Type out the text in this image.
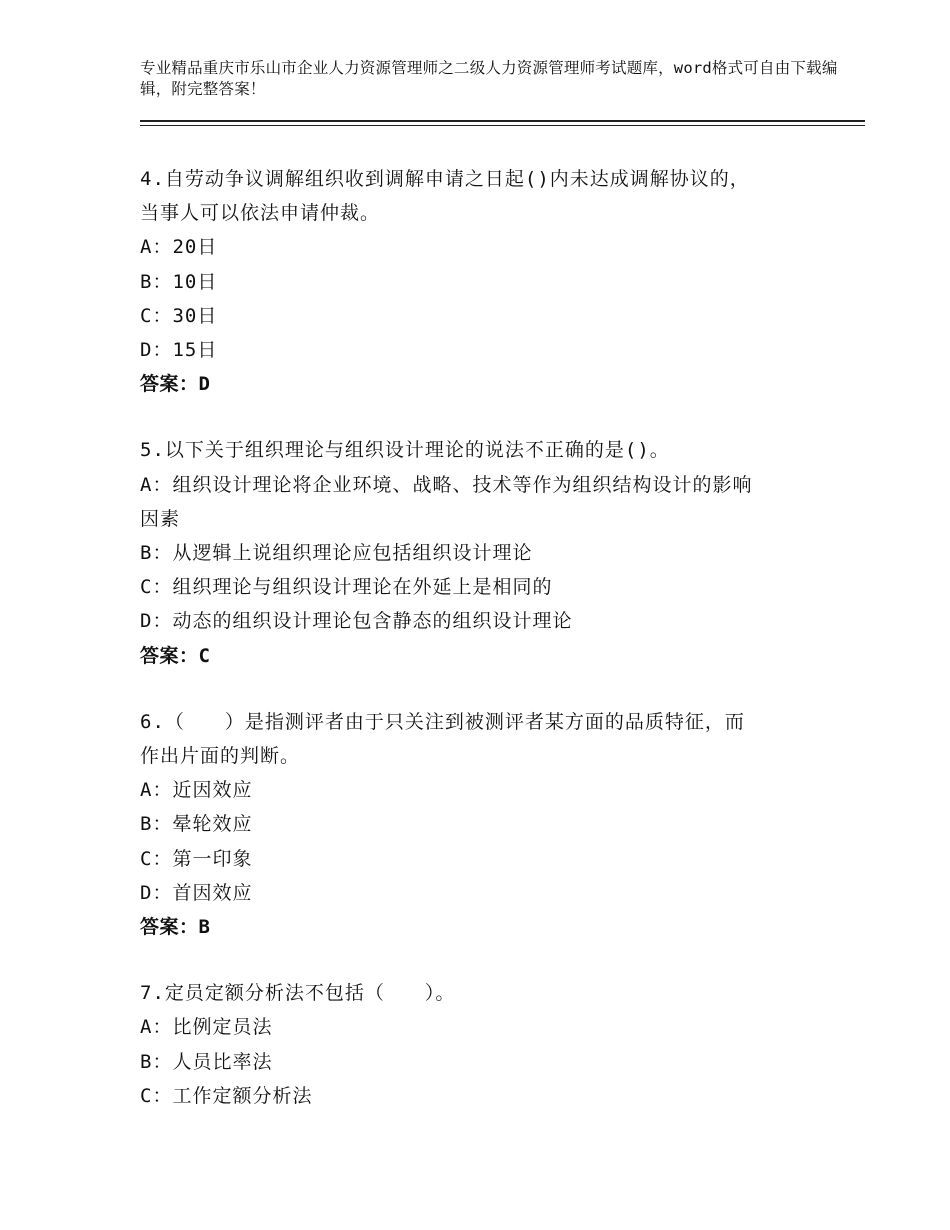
专业精品重庆市乐山市企业人力资源管理师之二级人力资源管理师考试题库，word格式可自由下载编辑，附完整答案！

4.自劳动争议调解组织收到调解申请之日起()内未达成调解协议的，

当事人可以依法申请仲裁。

A：20日

B：10日

C：30日

D：15日

答案：D

5.以下关于组织理论与组织设计理论的说法不正确的是()。

A：组织设计理论将企业环境、战略、技术等作为组织结构设计的影响

因素

B：从逻辑上说组织理论应包括组织设计理论

C：组织理论与组织设计理论在外延上是相同的

D：动态的组织设计理论包含静态的组织设计理论

答案：C

6.（　　）是指测评者由于只关注到被测评者某方面的品质特征，而

作出片面的判断。

A：近因效应

B：晕轮效应

C：第一印象

D：首因效应

答案：B

7.定员定额分析法不包括（　　）。

A：比例定员法

B：人员比率法

C：工作定额分析法
